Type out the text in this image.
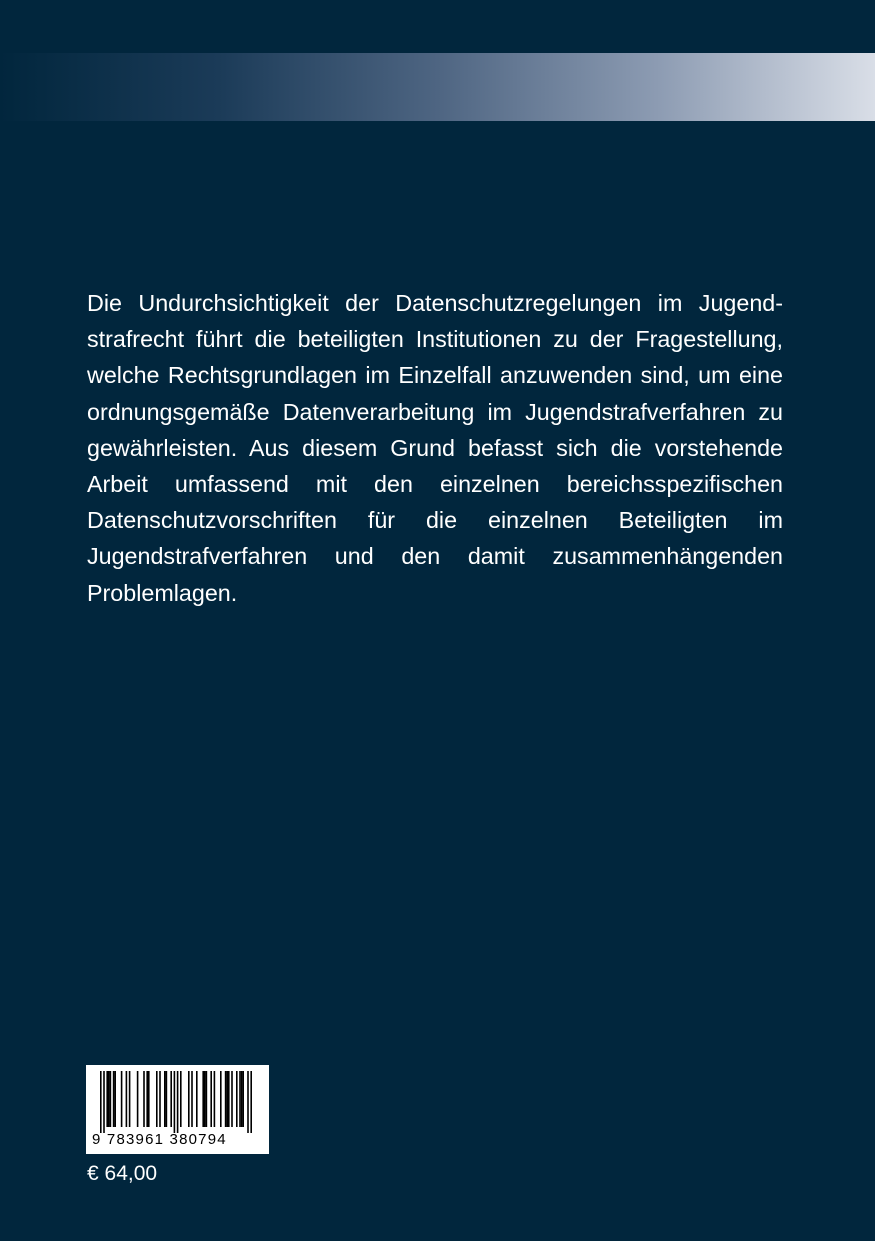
Die Undurchsichtigkeit der Datenschutzregelungen im Jugendstrafrecht führt die beteiligten Institutionen zu der Fragestellung, welche Rechtsgrundlagen im Einzelfall anzuwenden sind, um eine ordnungsgemäße Datenverarbeitung im Jugendstrafverfahren zu gewährleisten. Aus diesem Grund befasst sich die vorstehende Arbeit umfassend mit den einzelnen bereichsspezifischen Datenschutzvorschriften für die einzelnen Beteiligten im Jugendstrafverfahren und den damit zusammenhängenden Problemlagen.

9 783961 380794
€ 64,00
